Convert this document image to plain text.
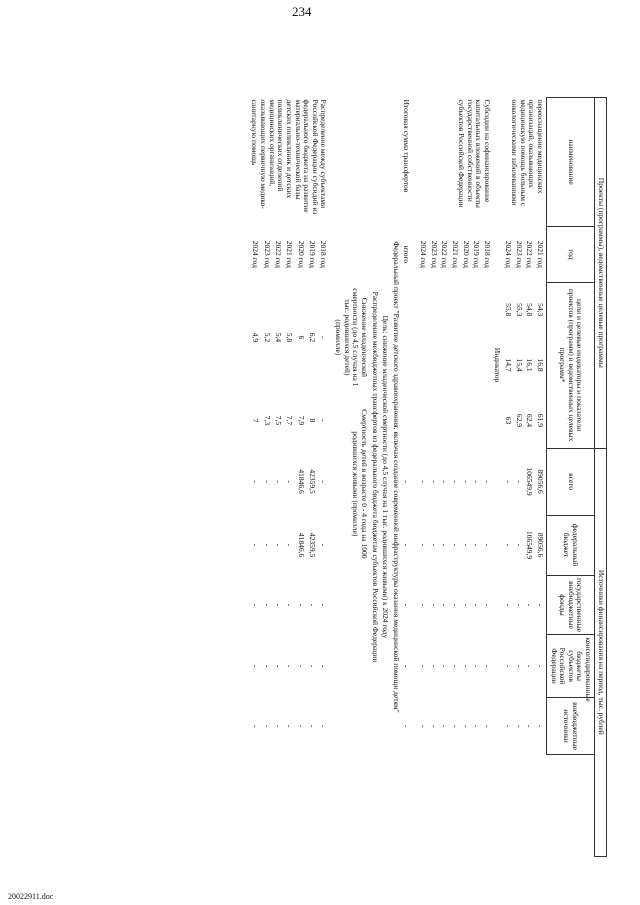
234
Проекты (программы), ведомственные целевые программы					Источники финансирования на период, тыс. рублей					
наименование	год	цели и целевые индикаторы и показатели проектов (программ) и ведомственных целевых программ*			всего	федеральный бюджет	государственные внебюджетные фонды	консолидированные бюджеты субъектов Российской Федерации	внебюджетные источники	
переоснащение медицинских организаций, оказывающих медицинскую помощь больным с онкологическими заболеваниями	2021 год	54,3	16,8	61,9	89056,6	89056,6	-	-	-	
	2022 год	54,8	16,1	62,4	106549,9	106549,9	-	-	-	
	2023 год	55,3	15,4	62,9	-	-	-	-	-	
	2024 год	55,8	14,7	63	-	-	-	-	-	
		Индикатор								
Субсидии на софинансирование капитальных вложений в объекты государственной собственности субъектов Российской Федерации	2018 год				-	-	-	-	-	
	2019 год				-	-	-	-	-	
	2020 год				-	-	-	-	-	
	2021 год				-	-	-	-	-	
	2022 год				-	-	-	-	-	
	2023 год				-	-	-	-	-	
	2024 год				-	-	-	-	-	
Итоговая сумма трансфертов	итого				-	-	-	-	-	
Федеральный проект "Развитие детского здравоохранения, включая создание современной инфраструктуры оказания медицинской помощи детям"										
Цель: снижение младенческой смертности (до 4,5 случая на 1 тыс. родившихся живыми) к 2024 году										
Распределение межбюджетных трансфертов из федерального бюджета бюджетам субъектов Российской Федерации										
		Снижение младенческой смертности (до 4,5 случая на 1 тыс. родившихся детей) (промилле)		Смертность детей в возрасте 0 - 4 года на 1000 родившихся живыми (промилле)						
Распределение между субъектами Российской Федерации субсидий из федерального бюджета на развитие материально-технической базы детских поликлиник и детских поликлинических отделений медицинских организаций, оказывающих первичную медико-санитарную помощь	2018 год	-		-	-	-	-	-	-	
	2019 год	6,2		8	42359,5	42359,5	-	-	-	
	2020 год	6		7,9	41846,6	41846,6	-	-	-	
	2021 год	5,8		7,7	-	-	-	-	-	
	2022 год	5,4		7,5	-	-	-	-	-	
	2023 год	5,2		7,3	-	-	-	-	-	
	2024 год	4,9		7	-	-	-	-	-	
20022911.doc
